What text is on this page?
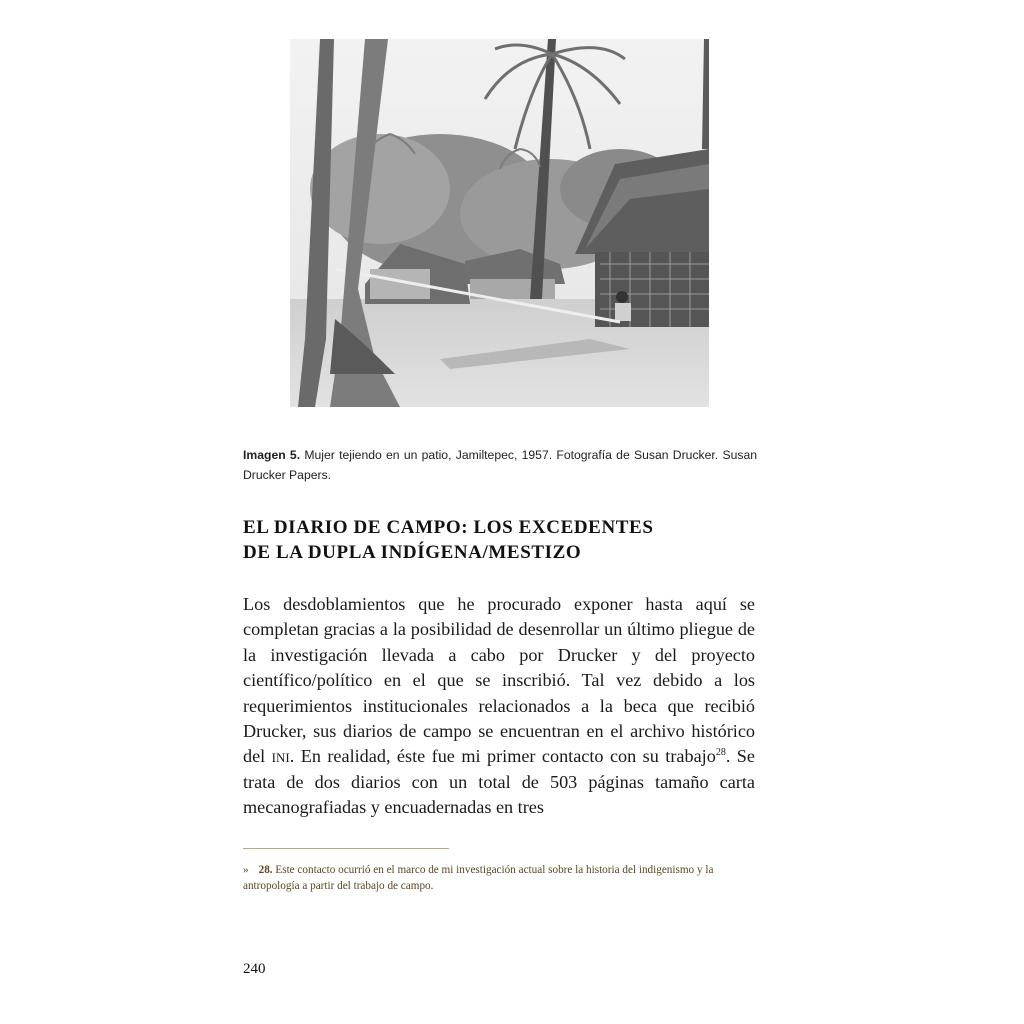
Imagen 5. Mujer tejiendo en un patio, Jamiltepec, 1957. Fotografía de Susan Drucker. Susan Drucker Papers.
EL DIARIO DE CAMPO: LOS EXCEDENTES
DE LA DUPLA INDÍGENA/MESTIZO
Los desdoblamientos que he procurado exponer hasta aquí se completan gracias a la posibilidad de desenrollar un último pliegue de la investigación llevada a cabo por Drucker y del proyecto científico/político en el que se inscribió. Tal vez debido a los requerimientos institucionales relacionados a la beca que recibió Drucker, sus diarios de campo se encuentran en el archivo histórico del ini. En realidad, éste fue mi primer contacto con su trabajo$^{28}$. Se trata de dos diarios con un total de 503 páginas tamaño carta mecanografiadas y encuadernadas en tres
» 28. Este contacto ocurrió en el marco de mi investigación actual sobre la historia del indigenismo y la antropología a partir del trabajo de campo.
240
